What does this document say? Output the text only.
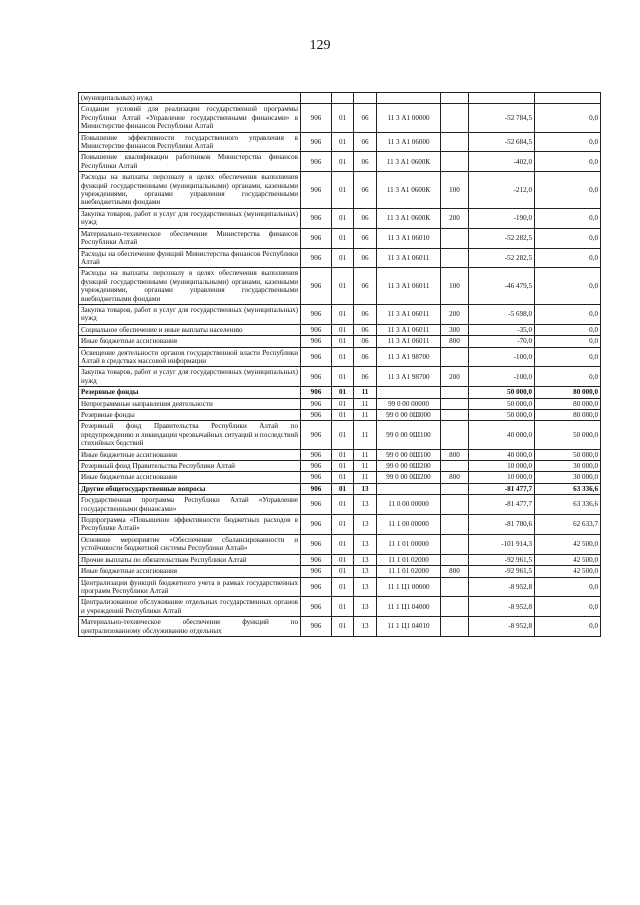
129
(муниципальных) нужд							
Создание условий для реализации государственной программы Республики Алтай «Управление государственными финансами» в Министерстве финансов Республики Алтай	906	01	06	11 3 А1 00000		-52 784,5	0,0
Повышение эффективности государственного управления в Министерстве финансов Республики Алтай	906	01	06	11 3 А1 06000		-52 684,5	0,0
Повышение квалификации работников Министерства финансов Республики Алтай	906	01	06	11 3 А1 0600К		-402,0	0,0
Расходы на выплаты персоналу в целях обеспечения выполнения функций государственными (муниципальными) органами, казенными учреждениями, органами управления государственными внебюджетными фондами	906	01	06	11 3 А1 0600К	100	-212,0	0,0
Закупка товаров, работ и услуг для государственных (муниципальных) нужд	906	01	06	11 3 А1 0600К	200	-190,0	0,0
Материально-техническое обеспечение Министерства финансов Республики Алтай	906	01	06	11 3 А1 06010		-52 282,5	0,0
Расходы на обеспечение функций Министерства финансов Республики Алтай	906	01	06	11 3 А1 06011		-52 282,5	0,0
Расходы на выплаты персоналу в целях обеспечения выполнения функций государственными (муниципальными) органами, казенными учреждениями, органами управления государственными внебюджетными фондами	906	01	06	11 3 А1 06011	100	-46 479,5	0,0
Закупка товаров, работ и услуг для государственных (муниципальных) нужд	906	01	06	11 3 А1 06011	200	-5 698,0	0,0
Социальное обеспечение и иные выплаты населению	906	01	06	11 3 А1 06011	300	-35,0	0,0
Иные бюджетные ассигнования	906	01	06	11 3 А1 06011	800	-70,0	0,0
Освещение деятельности органов государственной власти Республики Алтай в средствах массовой информации	906	01	06	11 3 А1 98700		-100,0	0,0
Закупка товаров, работ и услуг для государственных (муниципальных) нужд	906	01	06	11 3 А1 98700	200	-100,0	0,0
Резервные фонды	906	01	11			50 000,0	80 000,0
Непрограммные направления деятельности	906	01	11	99 0 00 00000		50 000,0	80 000,0
Резервные фонды	906	01	11	99 0 00 0Ш000		50 000,0	80 000,0
Резервный фонд Правительства Республики Алтай по предупреждению и ликвидации чрезвычайных ситуаций и последствий стихийных бедствий	906	01	11	99 0 00 0Ш100		40 000,0	50 000,0
Иные бюджетные ассигнования	906	01	11	99 0 00 0Ш100	800	40 000,0	50 000,0
Резервный фонд Правительства Республики Алтай	906	01	11	99 0 00 0Ш200		10 000,0	30 000,0
Иные бюджетные ассигнования	906	01	11	99 0 00 0Ш200	800	10 000,0	30 000,0
Другие общегосударственные вопросы	906	01	13			-81 477,7	63 336,6
Государственная программа Республики Алтай «Управление государственными финансами»	906	01	13	11 0 00 00000		-81 477,7	63 336,6
Подпрограмма «Повышение эффективности бюджетных расходов в Республике Алтай»	906	01	13	11 1 00 00000		-81 780,6	62 633,7
Основное мероприятие «Обеспечение сбалансированности и устойчивости бюджетной системы Республики Алтай»	906	01	13	11 1 01 00000		-101 914,3	42 500,0
Прочие выплаты по обязательствам Республики Алтай	906	01	13	11 1 01 02000		-92 961,5	42 500,0
Иные бюджетные ассигнования	906	01	13	11 1 01 02000	800	-92 961,5	42 500,0
Централизация функций бюджетного учета в рамках государственных программ Республики Алтай	906	01	13	11 1 Ц1 00000		-8 952,8	0,0
Централизованное обслуживание отдельных государственных органов и учреждений Республики Алтай	906	01	13	11 1 Ц1 04000		-8 952,8	0,0
Материально-техническое обеспечение функций по централизованному обслуживанию отдельных	906	01	13	11 1 Ц1 04010		-8 952,8	0,0
